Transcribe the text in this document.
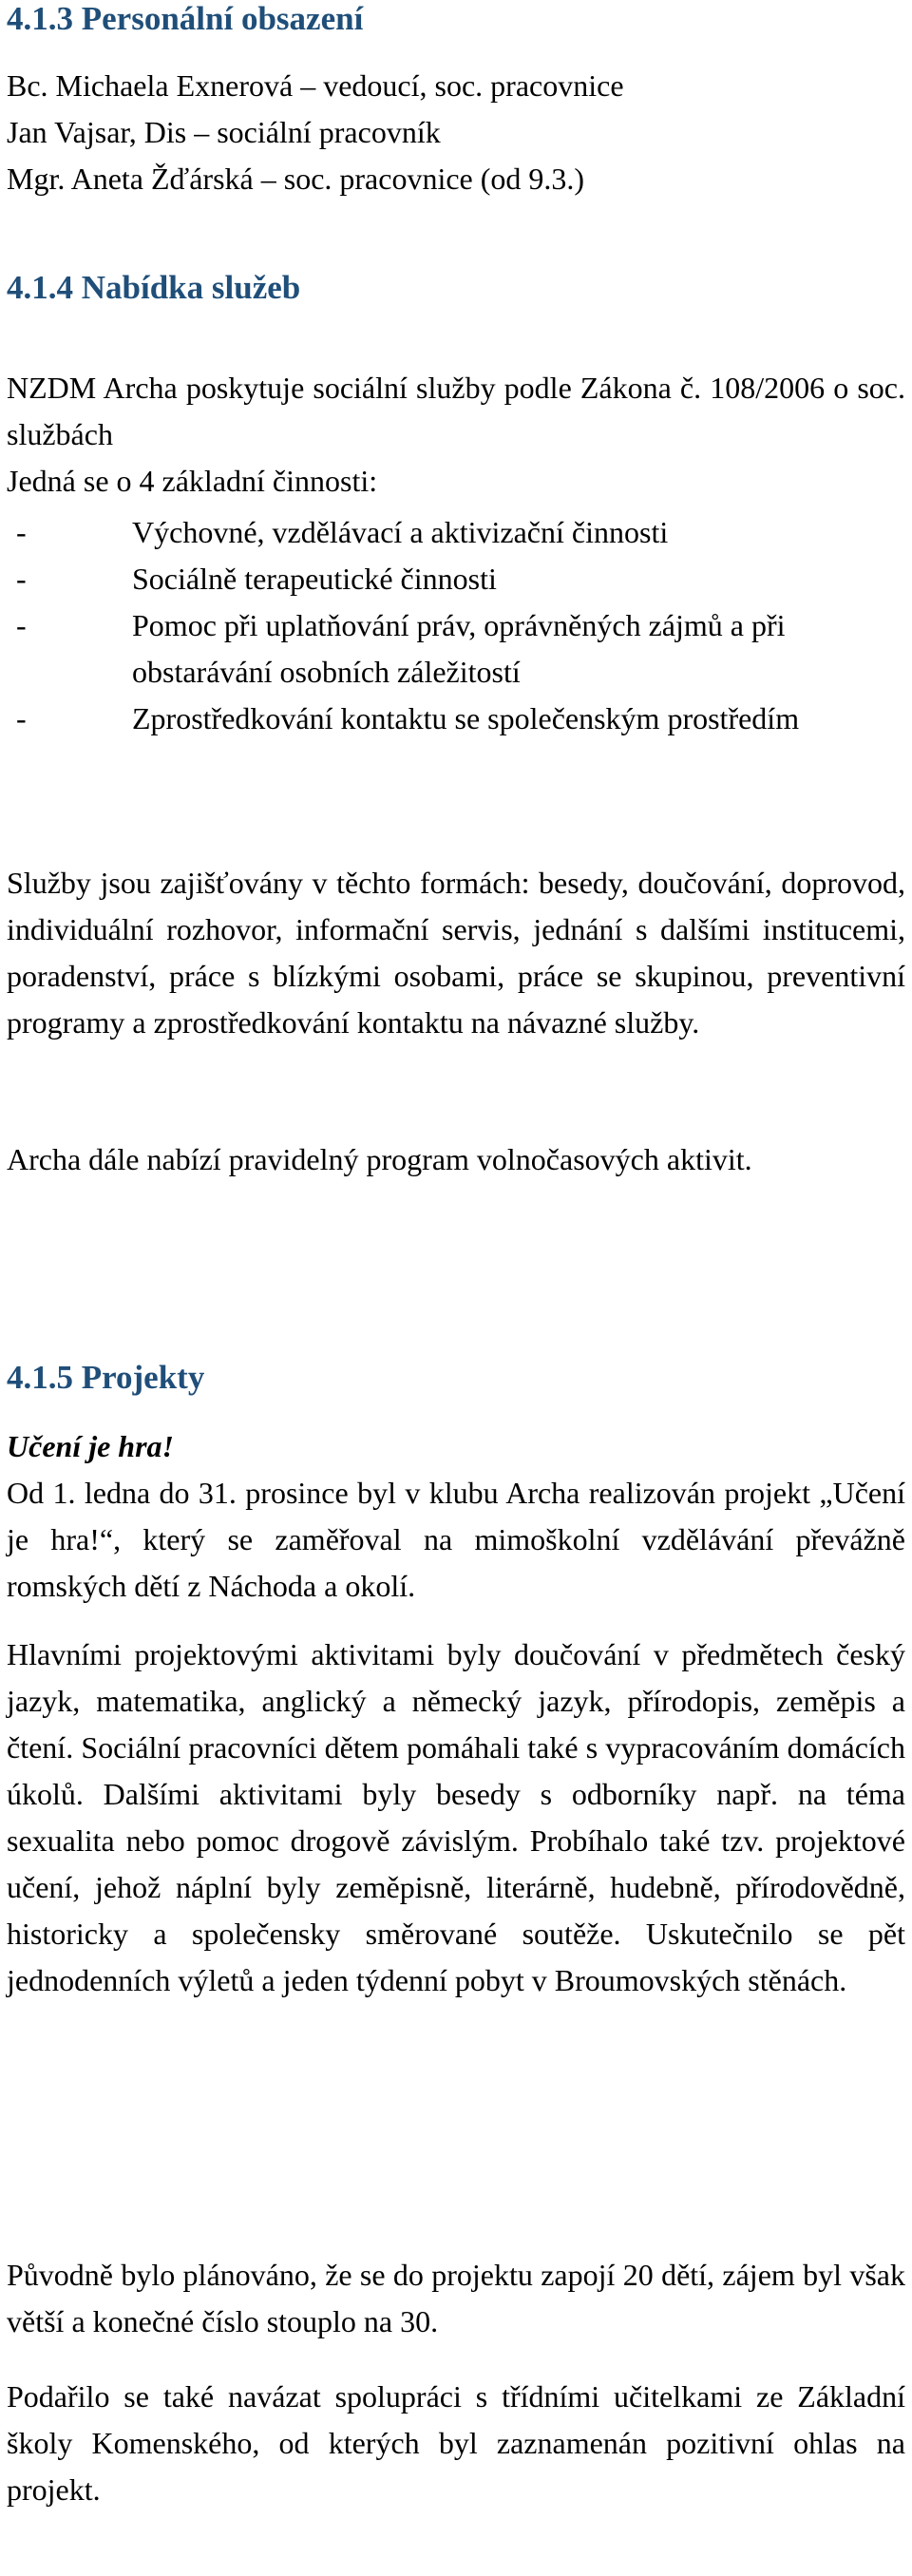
4.1.3 Personální obsazení
Bc. Michaela Exnerová – vedoucí, soc. pracovnice
Jan Vajsar, Dis – sociální pracovník
Mgr. Aneta Žďárská – soc. pracovnice (od 9.3.)
4.1.4 Nabídka služeb

NZDM Archa poskytuje sociální služby podle Zákona č. 108/2006 o soc. službách

Jedná se o 4 základní činnosti:

-	Výchovné, vzdělávací a aktivizační činnosti
-	Sociálně terapeutické činnosti
-	Pomoc při uplatňování práv, oprávněných zájmů a při obstarávání osobních záležitostí
-	Zprostředkování kontaktu se společenským prostředím

Služby jsou zajišťovány v těchto formách: besedy, doučování, doprovod, individuální rozhovor, informační servis, jednání s dalšími institucemi, poradenství, práce s blízkými osobami, práce se skupinou, preventivní programy a zprostředkování kontaktu na návazné služby.

Archa dále nabízí pravidelný program volnočasových aktivit.

4.1.5 Projekty

Učení je hra!

Od 1. ledna do 31. prosince byl v klubu Archa realizován projekt „Učení je hra!“, který se zaměřoval na mimoškolní vzdělávání převážně romských dětí z Náchoda a okolí.

Hlavními projektovými aktivitami byly doučování v předmětech český jazyk, matematika, anglický a německý jazyk, přírodopis, zeměpis a čtení. Sociální pracovníci dětem pomáhali také s vypracováním domácích úkolů. Dalšími aktivitami byly besedy s odborníky např. na téma sexualita nebo pomoc drogově závislým. Probíhalo také tzv. projektové učení, jehož náplní byly zeměpisně, literárně, hudebně, přírodovědně, historicky a společensky směrované soutěže. Uskutečnilo se pět jednodenních výletů a jeden týdenní pobyt v Broumovských stěnách.

Původně bylo plánováno, že se do projektu zapojí 20 dětí, zájem byl však větší a konečné číslo stouplo na 30.

Podařilo se také navázat spolupráci s třídními učitelkami ze Základní školy Komenského, od kterých byl zaznamenán pozitivní ohlas na projekt.
